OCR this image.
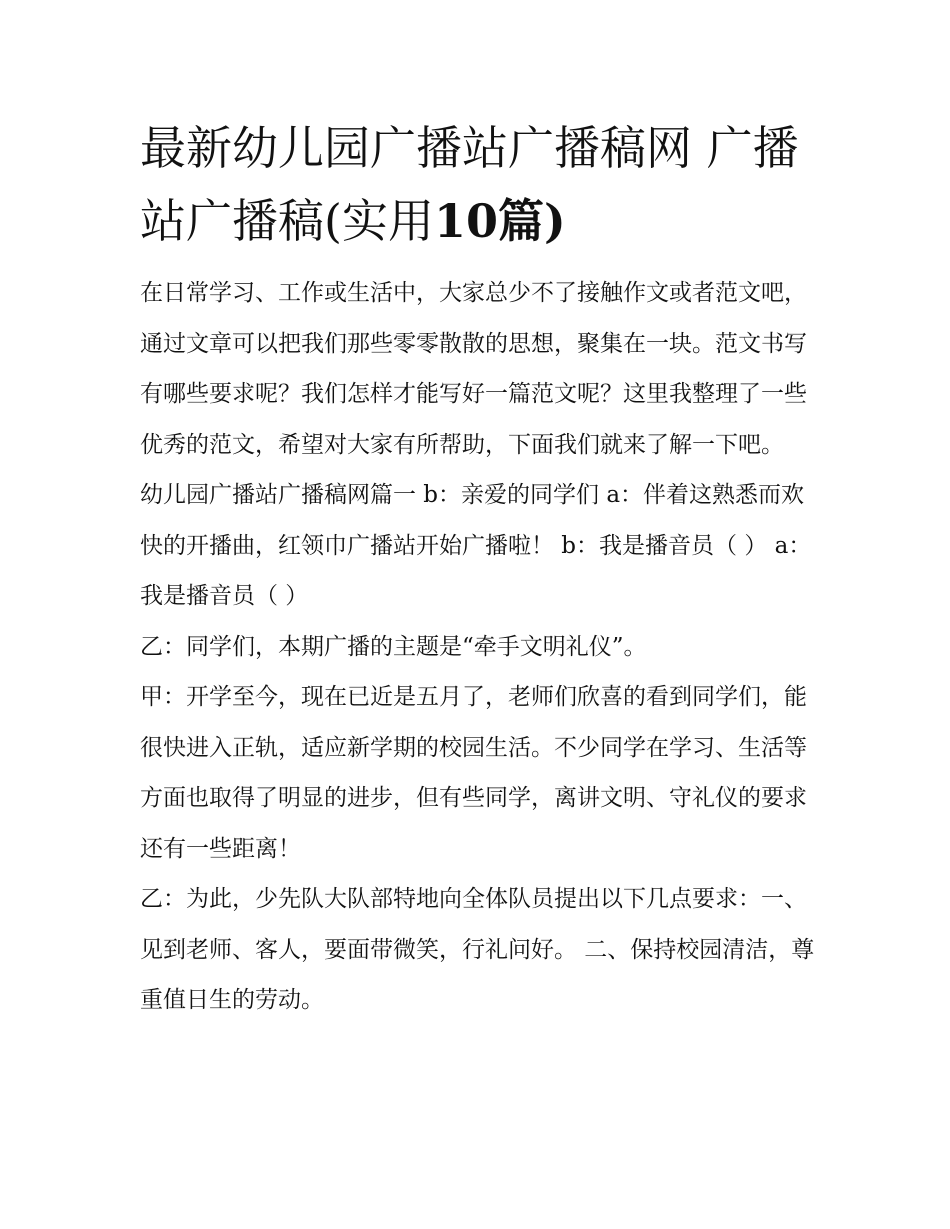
最新幼儿园广播站广播稿网 广播站广播稿(实用10篇)

在日常学习、工作或生活中，大家总少不了接触作文或者范文吧，通过文章可以把我们那些零零散散的思想，聚集在一块。范文书写有哪些要求呢？我们怎样才能写好一篇范文呢？这里我整理了一些优秀的范文，希望对大家有所帮助，下面我们就来了解一下吧。

幼儿园广播站广播稿网篇一 b：亲爱的同学们 a：伴着这熟悉而欢快的开播曲，红领巾广播站开始广播啦！ b：我是播音员（ ） a：我是播音员（ ）

乙：同学们，本期广播的主题是“牵手文明礼仪”。

甲：开学至今，现在已近是五月了，老师们欣喜的看到同学们，能很快进入正轨，适应新学期的校园生活。不少同学在学习、生活等方面也取得了明显的进步，但有些同学，离讲文明、守礼仪的要求还有一些距离！

乙：为此，少先队大队部特地向全体队员提出以下几点要求：一、见到老师、客人，要面带微笑，行礼问好。 二、保持校园清洁，尊重值日生的劳动。
